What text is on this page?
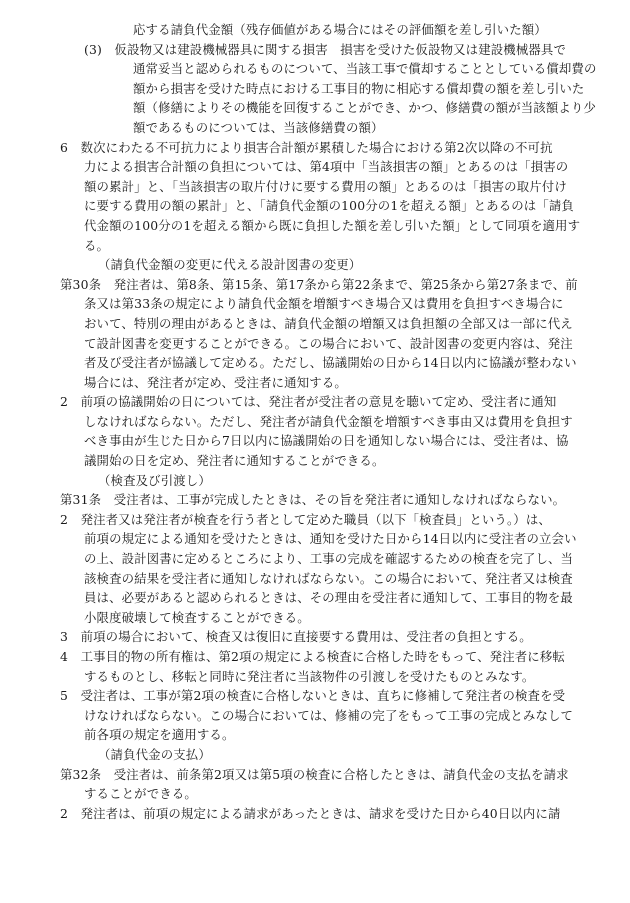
応する請負代金額（残存価値がある場合にはその評価額を差し引いた額）
(3)　仮設物又は建設機械器具に関する損害　損害を受けた仮設物又は建設機械器具で
通常妥当と認められるものについて、当該工事で償却することとしている償却費の
額から損害を受けた時点における工事目的物に相応する償却費の額を差し引いた
額（修繕によりその機能を回復することができ、かつ、修繕費の額が当該額より少
額であるものについては、当該修繕費の額）
6　数次にわたる不可抗力により損害合計額が累積した場合における第2次以降の不可抗
力による損害合計額の負担については、第4項中「当該損害の額」とあるのは「損害の
額の累計」と、「当該損害の取片付けに要する費用の額」とあるのは「損害の取片付け
に要する費用の額の累計」と、「請負代金額の100分の1を超える額」とあるのは「請負
代金額の100分の1を超える額から既に負担した額を差し引いた額」として同項を適用す
る。
（請負代金額の変更に代える設計図書の変更）
第30条　発注者は、第8条、第15条、第17条から第22条まで、第25条から第27条まで、前
条又は第33条の規定により請負代金額を増額すべき場合又は費用を負担すべき場合に
おいて、特別の理由があるときは、請負代金額の増額又は負担額の全部又は一部に代え
て設計図書を変更することができる。この場合において、設計図書の変更内容は、発注
者及び受注者が協議して定める。ただし、協議開始の日から14日以内に協議が整わない
場合には、発注者が定め、受注者に通知する。
2　前項の協議開始の日については、発注者が受注者の意見を聴いて定め、受注者に通知
しなければならない。ただし、発注者が請負代金額を増額すべき事由又は費用を負担す
べき事由が生じた日から7日以内に協議開始の日を通知しない場合には、受注者は、協
議開始の日を定め、発注者に通知することができる。
（検査及び引渡し）
第31条　受注者は、工事が完成したときは、その旨を発注者に通知しなければならない。
2　発注者又は発注者が検査を行う者として定めた職員（以下「検査員」という。）は、
前項の規定による通知を受けたときは、通知を受けた日から14日以内に受注者の立会い
の上、設計図書に定めるところにより、工事の完成を確認するための検査を完了し、当
該検査の結果を受注者に通知しなければならない。この場合において、発注者又は検査
員は、必要があると認められるときは、その理由を受注者に通知して、工事目的物を最
小限度破壊して検査することができる。
3　前項の場合において、検査又は復旧に直接要する費用は、受注者の負担とする。
4　工事目的物の所有権は、第2項の規定による検査に合格した時をもって、発注者に移転
するものとし、移転と同時に発注者に当該物件の引渡しを受けたものとみなす。
5　受注者は、工事が第2項の検査に合格しないときは、直ちに修補して発注者の検査を受
けなければならない。この場合においては、修補の完了をもって工事の完成とみなして
前各項の規定を適用する。
（請負代金の支払）
第32条　受注者は、前条第2項又は第5項の検査に合格したときは、請負代金の支払を請求
することができる。
2　発注者は、前項の規定による請求があったときは、請求を受けた日から40日以内に請
